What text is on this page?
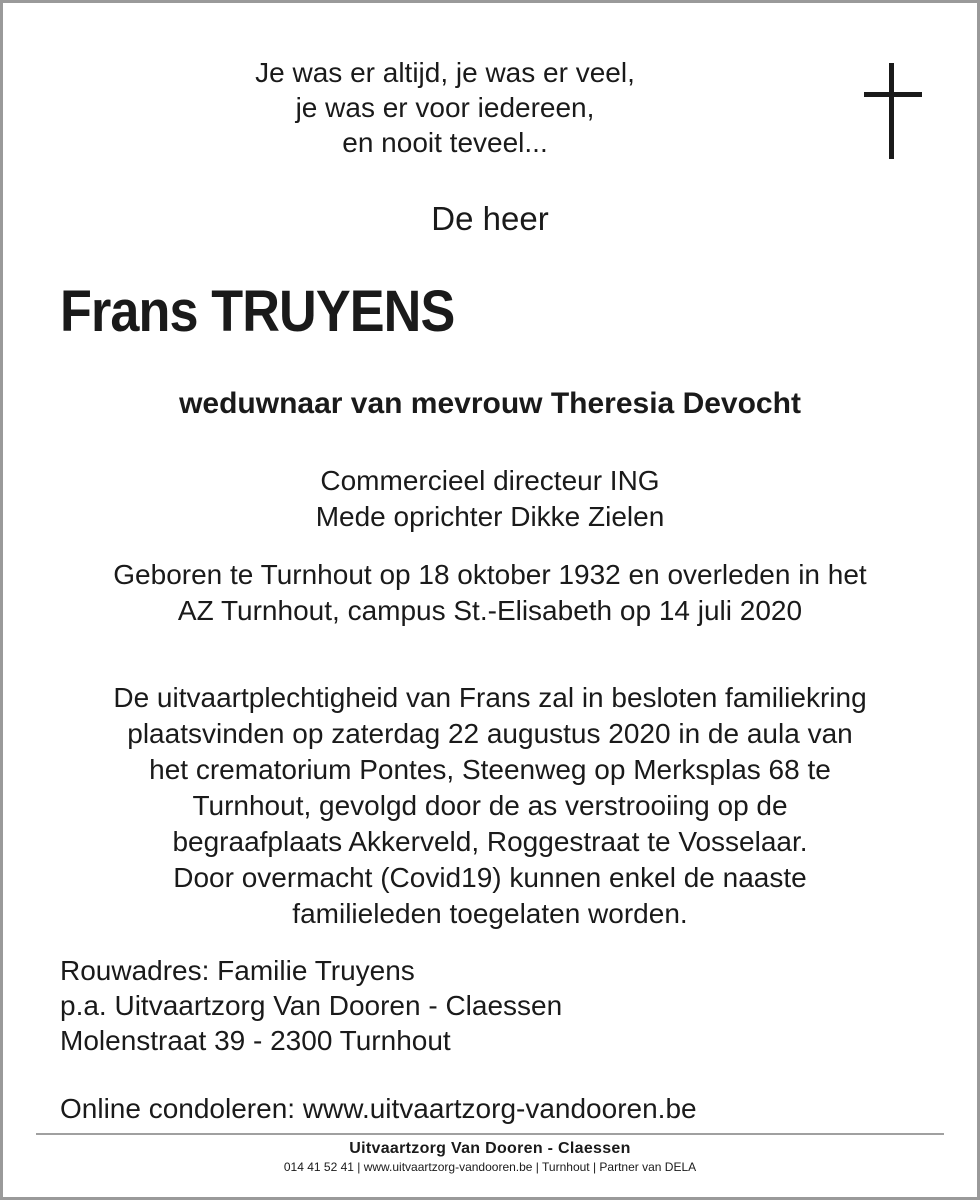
Je was er altijd, je was er veel,
je was er voor iedereen,
en nooit teveel...
De heer
Frans TRUYENS
weduwnaar van mevrouw Theresia Devocht
Commercieel directeur ING
Mede oprichter Dikke Zielen
Geboren te Turnhout op 18 oktober 1932 en overleden in het
AZ Turnhout, campus St.-Elisabeth op 14 juli 2020
De uitvaartplechtigheid van Frans zal in besloten familiekring
plaatsvinden op zaterdag 22 augustus 2020 in de aula van
het crematorium Pontes, Steenweg op Merksplas 68 te
Turnhout, gevolgd door de as verstrooiing op de
begraafplaats Akkerveld, Roggestraat te Vosselaar.
Door overmacht (Covid19) kunnen enkel de naaste
familieleden toegelaten worden.
Rouwadres: Familie Truyens
p.a. Uitvaartzorg Van Dooren - Claessen
Molenstraat 39 - 2300 Turnhout
Online condoleren: www.uitvaartzorg-vandooren.be
Uitvaartzorg Van Dooren - Claessen
014 41 52 41 | www.uitvaartzorg-vandooren.be | Turnhout | Partner van DELA
